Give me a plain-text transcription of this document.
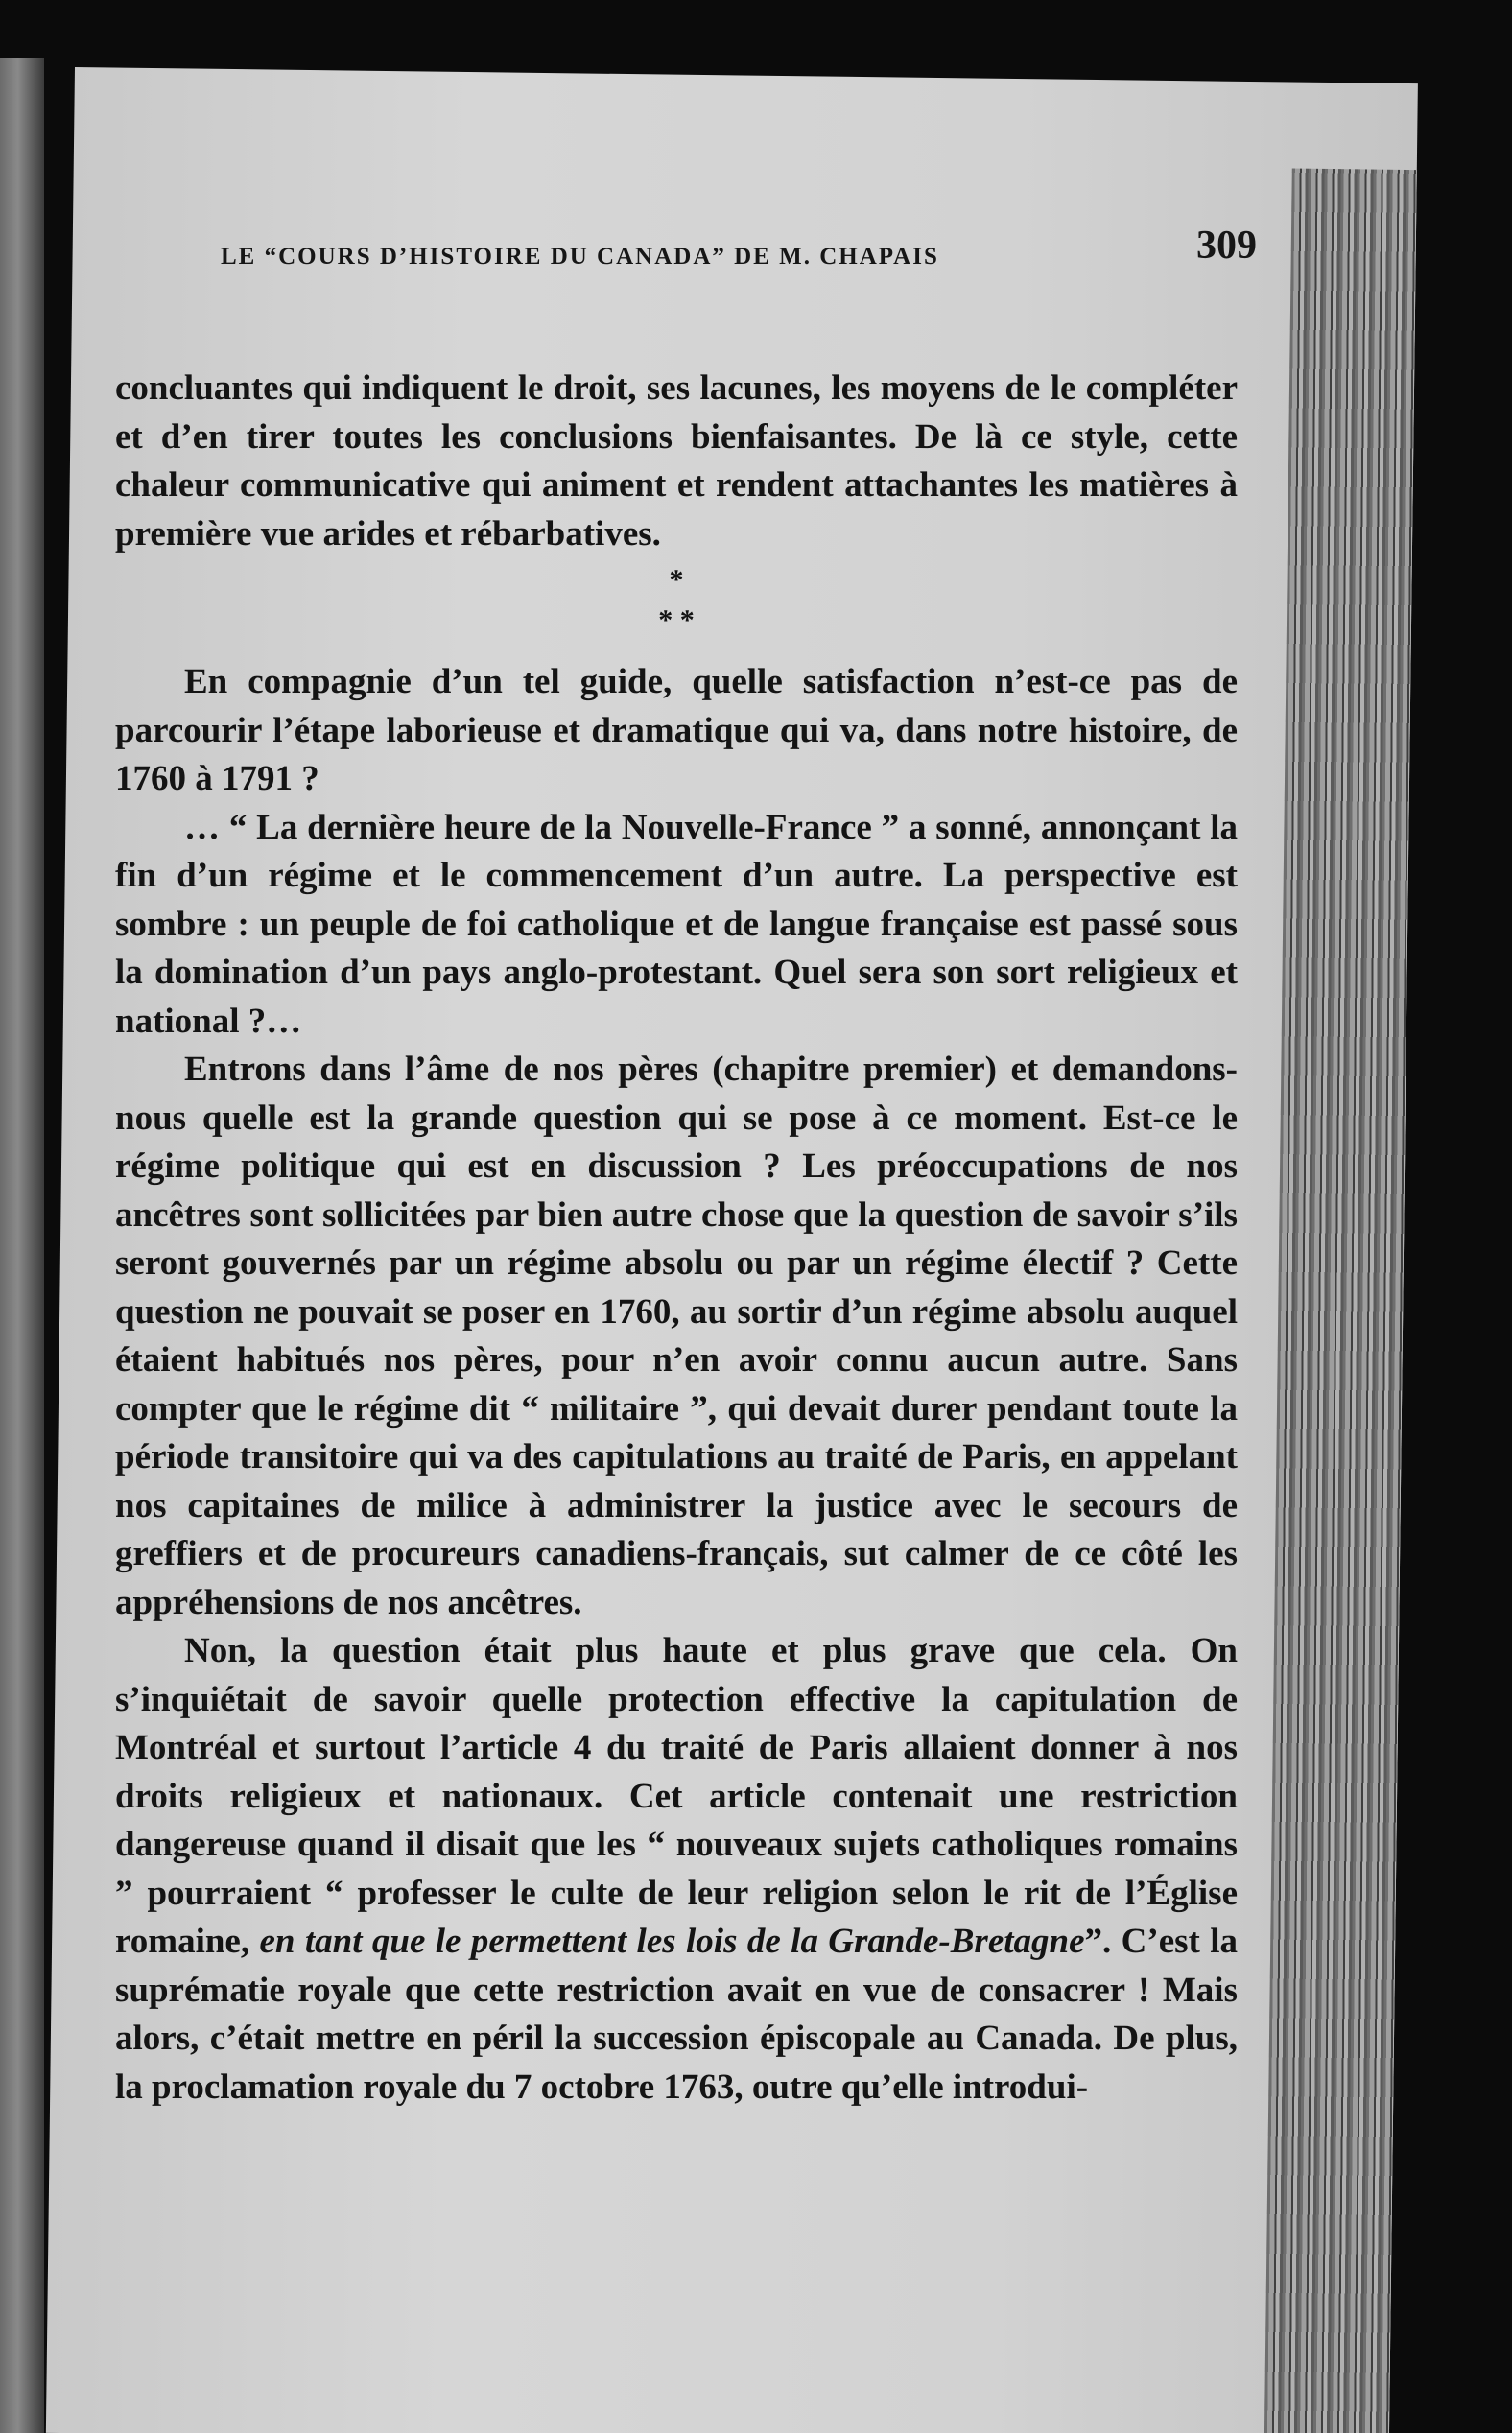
LE “COURS D’HISTOIRE DU CANADA” DE M. CHAPAIS	309

concluantes qui indiquent le droit, ses lacunes, les moyens de le compléter et d’en tirer toutes les conclusions bienfaisantes. De là ce style, cette chaleur communicative qui animent et rendent attachantes les matières à première vue arides et rébarbatives.

*
* *

En compagnie d’un tel guide, quelle satisfaction n’est-ce pas de parcourir l’étape laborieuse et dramatique qui va, dans notre histoire, de 1760 à 1791 ?

… “ La dernière heure de la Nouvelle-France ” a sonné, annonçant la fin d’un régime et le commencement d’un autre. La perspective est sombre : un peuple de foi catholique et de langue française est passé sous la domination d’un pays anglo-protestant. Quel sera son sort religieux et national ?…

Entrons dans l’âme de nos pères (chapitre premier) et demandons-nous quelle est la grande question qui se pose à ce moment. Est-ce le régime politique qui est en discussion ? Les préoccupations de nos ancêtres sont sollicitées par bien autre chose que la question de savoir s’ils seront gouvernés par un régime absolu ou par un régime électif ? Cette question ne pouvait se poser en 1760, au sortir d’un régime absolu auquel étaient habitués nos pères, pour n’en avoir connu aucun autre. Sans compter que le régime dit “ militaire ”, qui devait durer pendant toute la période transitoire qui va des capitulations au traité de Paris, en appelant nos capitaines de milice à administrer la justice avec le secours de greffiers et de procureurs canadiens-français, sut calmer de ce côté les appréhensions de nos ancêtres.

Non, la question était plus haute et plus grave que cela. On s’inquiétait de savoir quelle protection effective la capitulation de Montréal et surtout l’article 4 du traité de Paris allaient donner à nos droits religieux et nationaux. Cet article contenait une restriction dangereuse quand il disait que les “ nouveaux sujets catholiques romains ” pourraient “ professer le culte de leur religion selon le rit de l’Église romaine, en tant que le permettent les lois de la Grande-Bretagne”. C’est la suprématie royale que cette restriction avait en vue de consacrer ! Mais alors, c’était mettre en péril la succession épiscopale au Canada. De plus, la proclamation royale du 7 octobre 1763, outre qu’elle introdui-
